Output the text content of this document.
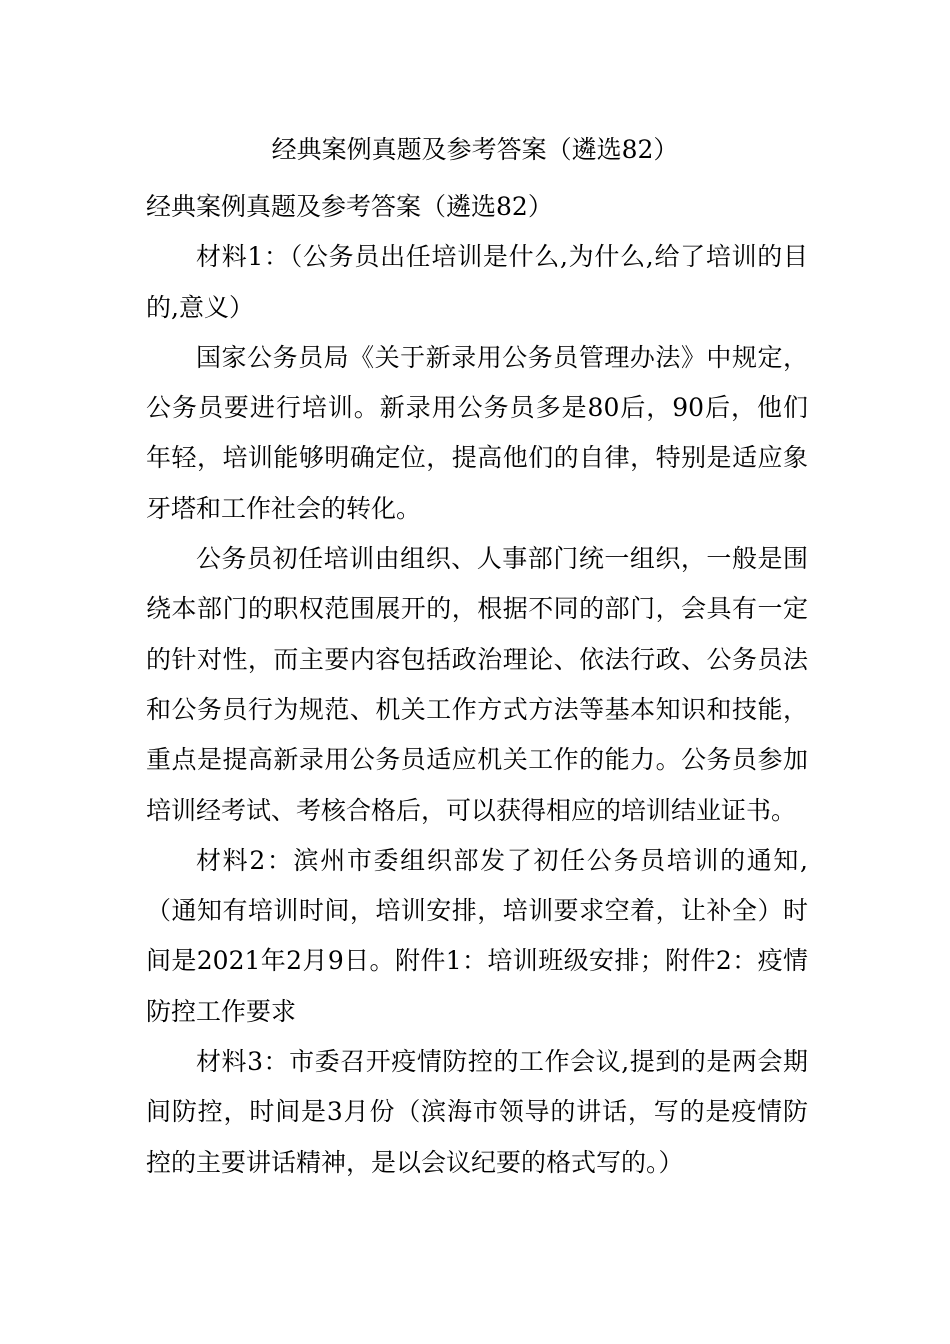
经典案例真题及参考答案（遴选82）

经典案例真题及参考答案（遴选82）

材料1：（公务员出任培训是什么,为什么,给了培训的目的,意义）

国家公务员局《关于新录用公务员管理办法》中规定，公务员要进行培训。新录用公务员多是80后，90后，他们年轻，培训能够明确定位，提高他们的自律，特别是适应象牙塔和工作社会的转化。

公务员初任培训由组织、人事部门统一组织，一般是围绕本部门的职权范围展开的，根据不同的部门，会具有一定的针对性，而主要内容包括政治理论、依法行政、公务员法和公务员行为规范、机关工作方式方法等基本知识和技能，重点是提高新录用公务员适应机关工作的能力。公务员参加培训经考试、考核合格后，可以获得相应的培训结业证书。

材料2：滨州市委组织部发了初任公务员培训的通知,（通知有培训时间，培训安排，培训要求空着，让补全）时间是2021年2月9日。附件1：培训班级安排；附件2：疫情防控工作要求

材料3：市委召开疫情防控的工作会议,提到的是两会期间防控，时间是3月份（滨海市领导的讲话，写的是疫情防控的主要讲话精神，是以会议纪要的格式写的。）
